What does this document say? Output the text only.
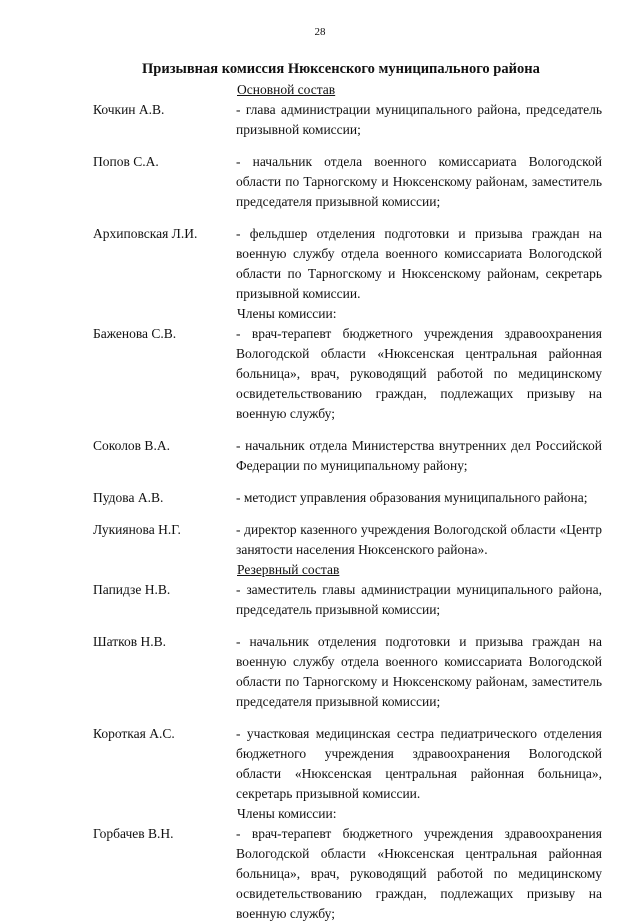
28
Призывная комиссия Нюксенского муниципального района
Основной состав
Кочкин А.В.	- глава администрации муниципального района, председатель призывной комиссии;
Попов С.А.	- начальник отдела военного комиссариата Вологодской области по Тарногскому и Нюксенскому районам, заместитель председателя призывной комиссии;
Архиповская Л.И.	- фельдшер отделения подготовки и призыва граждан на военную службу отдела военного комиссариата Вологодской области по Тарногскому и Нюксенскому районам, секретарь призывной комиссии.
Члены комиссии:
Баженова С.В.	- врач-терапевт бюджетного учреждения здравоохранения Вологодской области «Нюксенская центральная районная больница», врач, руководящий работой по медицинскому освидетельствованию граждан, подлежащих призыву на военную службу;
Соколов В.А.	- начальник отдела Министерства внутренних дел Российской Федерации по муниципальному району;
Пудова А.В.	- методист управления образования муниципального района;
Лукиянова Н.Г.	- директор казенного учреждения Вологодской области «Центр занятости населения Нюксенского района».
Резервный состав
Папидзе Н.В.	- заместитель главы администрации муниципального района, председатель призывной комиссии;
Шатков Н.В.	- начальник отделения подготовки и призыва граждан на военную службу отдела военного комиссариата Вологодской области по Тарногскому и Нюксенскому районам, заместитель председателя призывной комиссии;
Короткая А.С.	- участковая медицинская сестра педиатрического отделения бюджетного учреждения здравоохранения Вологодской области «Нюксенская центральная районная больница», секретарь призывной комиссии.
Члены комиссии:
Горбачев В.Н.	- врач-терапевт бюджетного учреждения здравоохранения Вологодской области «Нюксенская центральная районная больница», врач, руководящий работой по медицинскому освидетельствованию граждан, подлежащих призыву на военную службу;
